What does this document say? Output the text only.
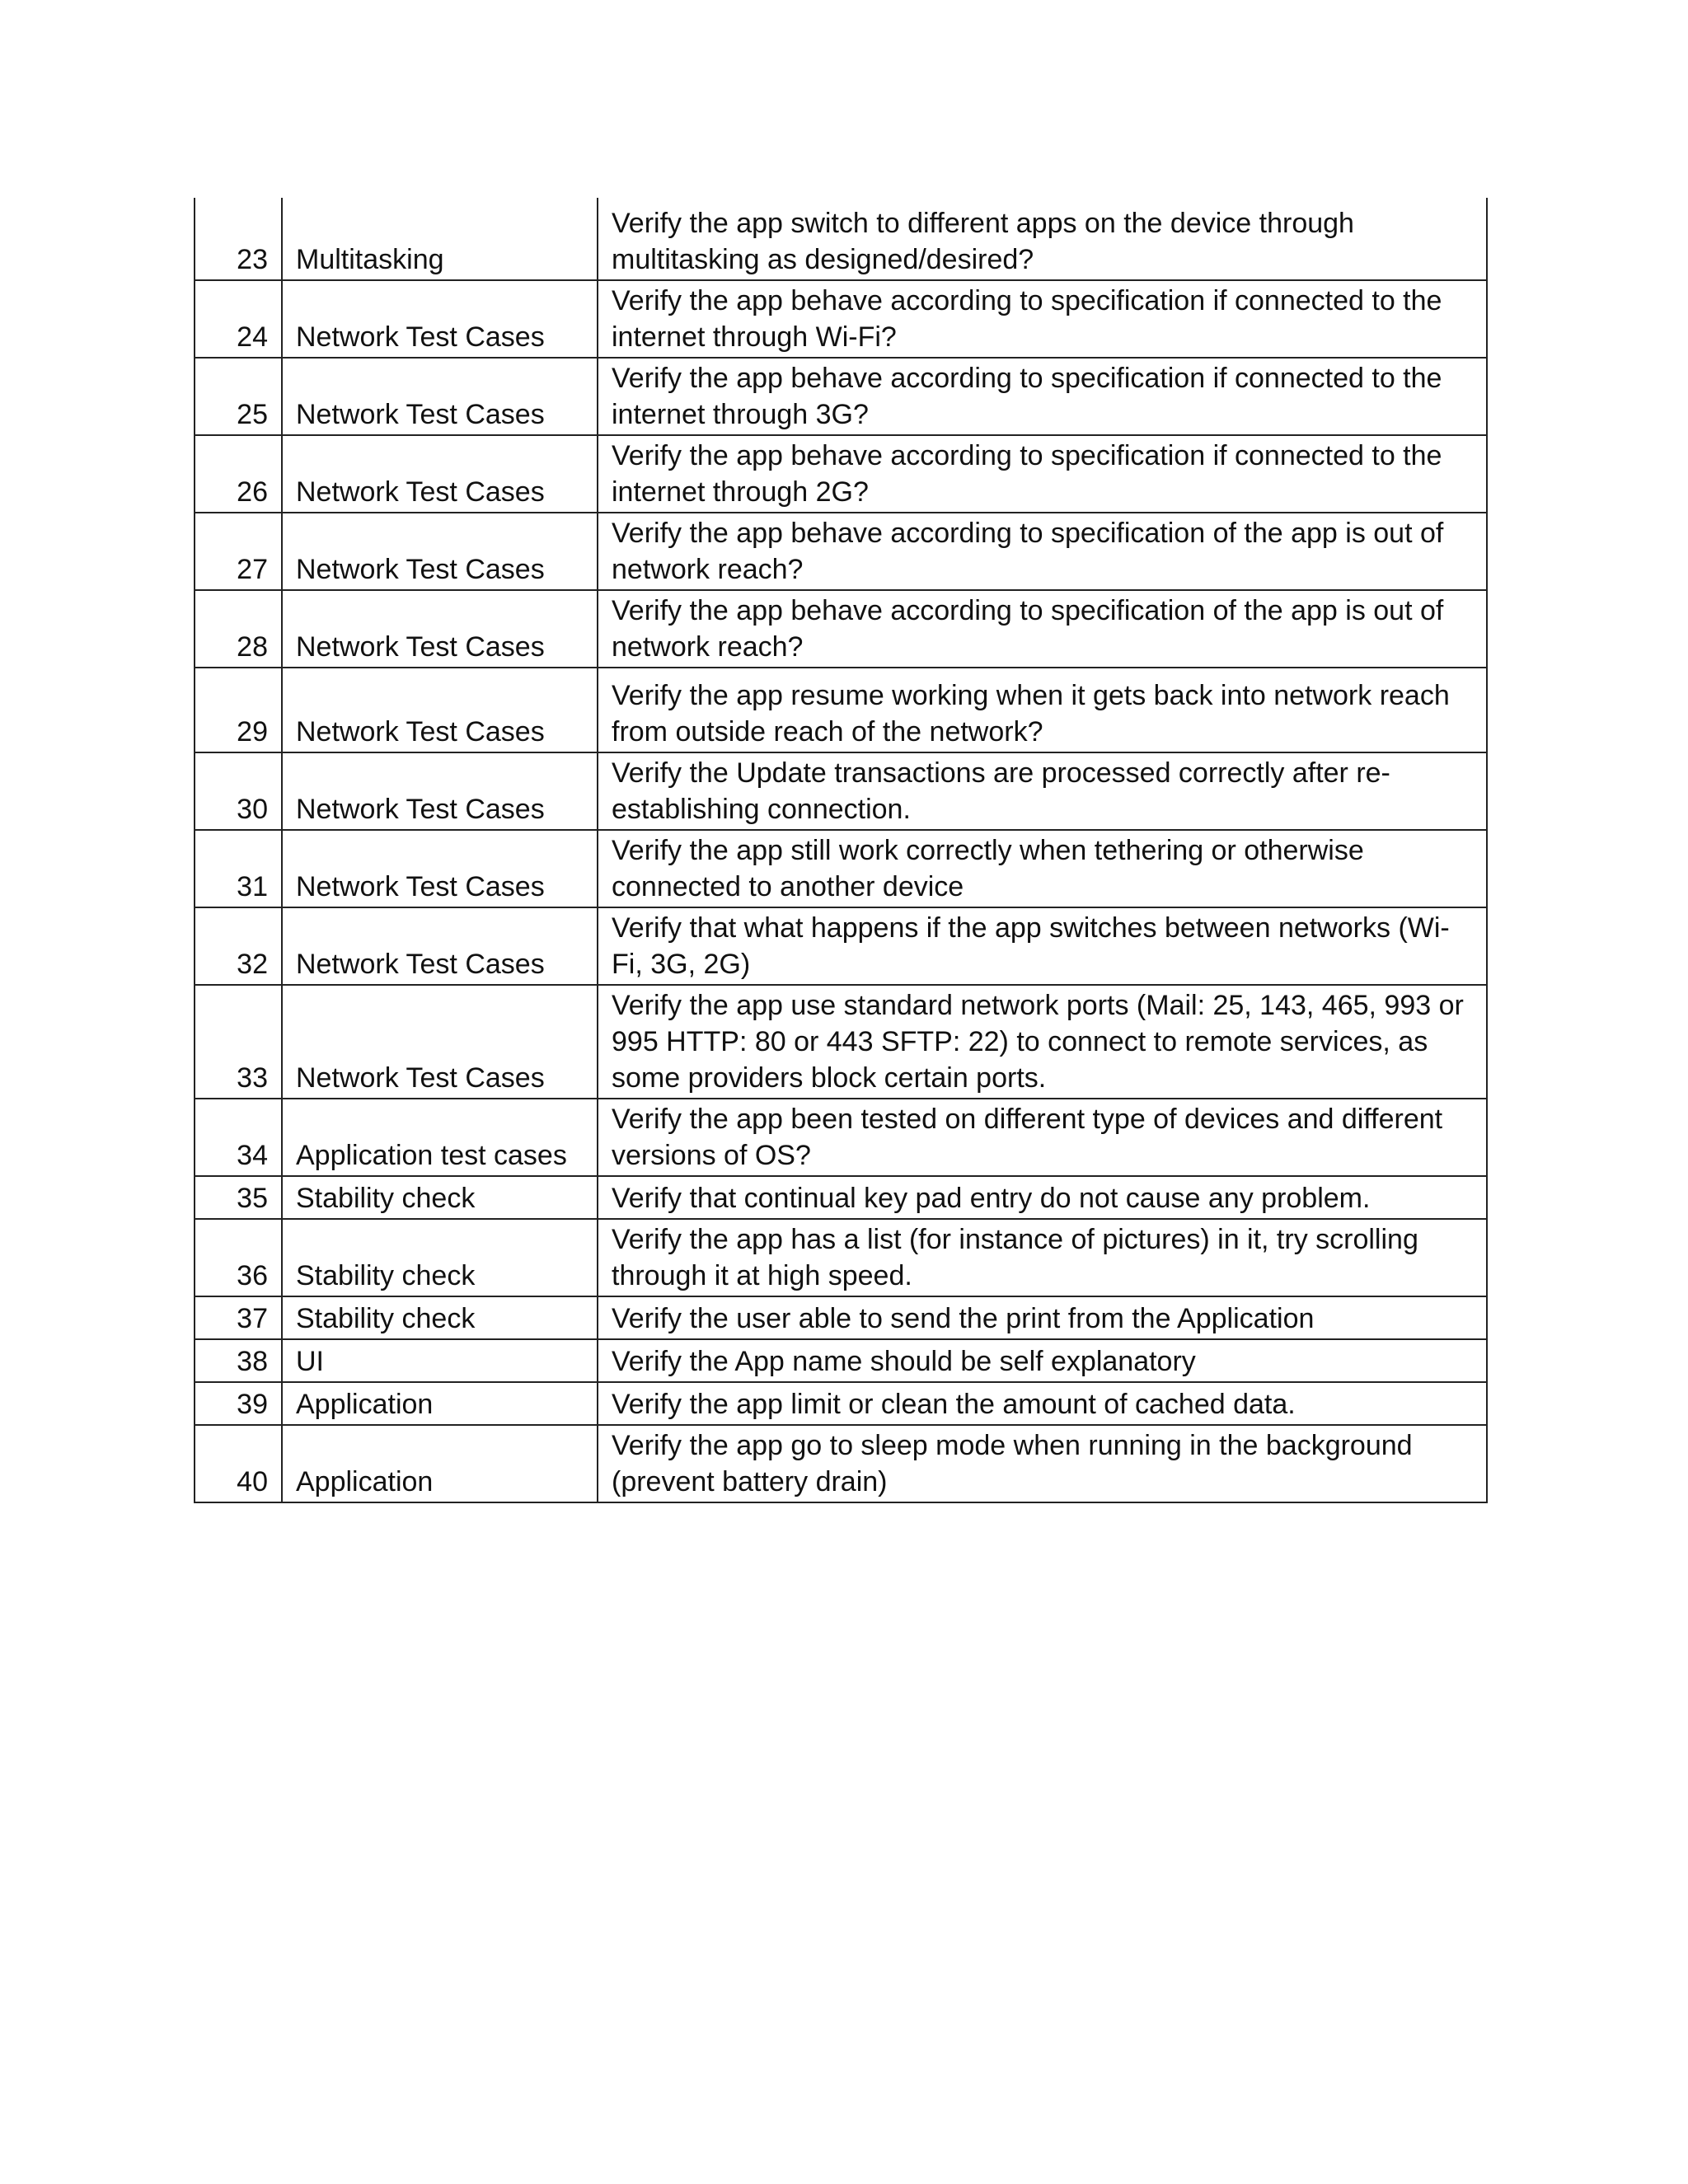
23	Multitasking	Verify the app switch to different apps on the device through multitasking as designed/desired?
24	Network Test Cases	Verify the app behave according to specification if connected to the internet through Wi-Fi?
25	Network Test Cases	Verify the app behave according to specification if connected to the internet through 3G?
26	Network Test Cases	Verify the app behave according to specification if connected to the internet through 2G?
27	Network Test Cases	Verify the app behave according to specification of the app is out of network reach?
28	Network Test Cases	Verify the app behave according to specification of the app is out of network reach?
29	Network Test Cases	Verify the app resume working when it gets back into network reach from outside reach of the network?
30	Network Test Cases	Verify the Update transactions are processed correctly after re-establishing connection.
31	Network Test Cases	Verify the app still work correctly when tethering or otherwise connected to another device
32	Network Test Cases	Verify that what happens if the app switches between networks (Wi-Fi, 3G, 2G)
33	Network Test Cases	Verify the app use standard network ports (Mail: 25, 143, 465, 993 or 995 HTTP: 80 or 443 SFTP: 22) to connect to remote services, as some providers block certain ports.
34	Application test cases	Verify the app been tested on different type of devices and different versions of OS?
35	Stability check	Verify that continual key pad entry do not cause any problem.
36	Stability check	Verify the app has a list (for instance of pictures) in it, try scrolling through it at high speed.
37	Stability check	Verify the user able to send the print from the Application
38	UI	Verify the App name should be self explanatory
39	Application	Verify the app limit or clean the amount of cached data.
40	Application	Verify the app go to sleep mode when running in the background (prevent battery drain)
